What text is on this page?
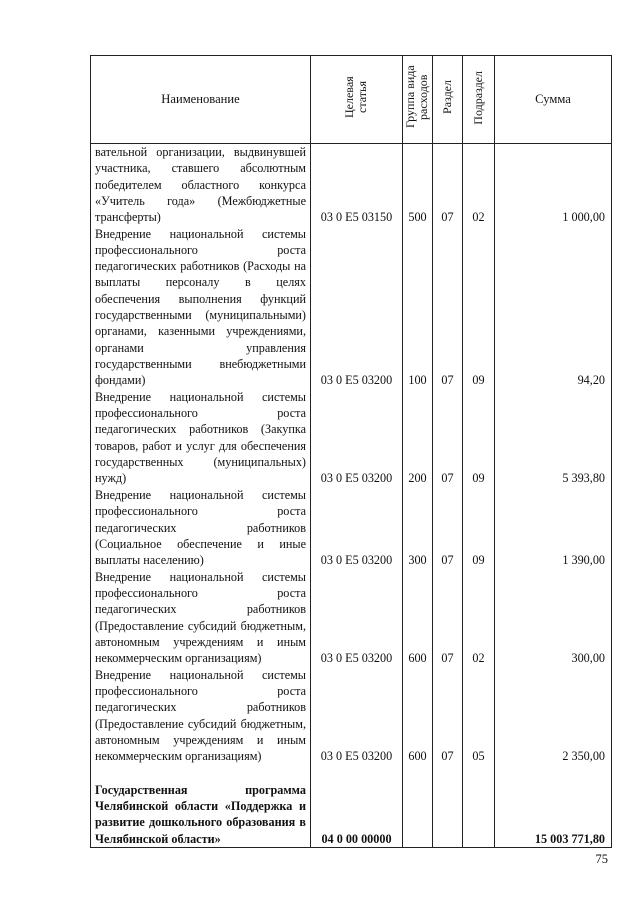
Наименование	Целевая статья	Группа вида расходов	Раздел	Подраздел	Сумма
вательной организации, выдвинувшей участника, ставшего абсолютным победителем областного конкурса «Учитель года» (Межбюджетные трансферты)	03 0 Е5 03150	500	07	02	1 000,00
Внедрение национальной системы профессионального роста педагогических работников (Расходы на выплаты персоналу в целях обеспечения выполнения функций государственными (муниципальными) органами, казенными учреждениями, органами управления государственными внебюджетными фондами)	03 0 Е5 03200	100	07	09	94,20
Внедрение национальной системы профессионального роста педагогических работников (Закупка товаров, работ и услуг для обеспечения государственных (муниципальных) нужд)	03 0 Е5 03200	200	07	09	5 393,80
Внедрение национальной системы профессионального роста педагогических работников (Социальное обеспечение и иные выплаты населению)	03 0 Е5 03200	300	07	09	1 390,00
Внедрение национальной системы профессионального роста педагогических работников (Предоставление субсидий бюджетным, автономным учреждениям и иным некоммерческим организациям)	03 0 Е5 03200	600	07	02	300,00
Внедрение национальной системы профессионального роста педагогических работников (Предоставление субсидий бюджетным, автономным учреждениям и иным некоммерческим организациям)	03 0 Е5 03200	600	07	05	2 350,00
Государственная программа Челябинской области «Поддержка и развитие дошкольного образования в Челябинской области»	04 0 00 00000				15 003 771,80
75
